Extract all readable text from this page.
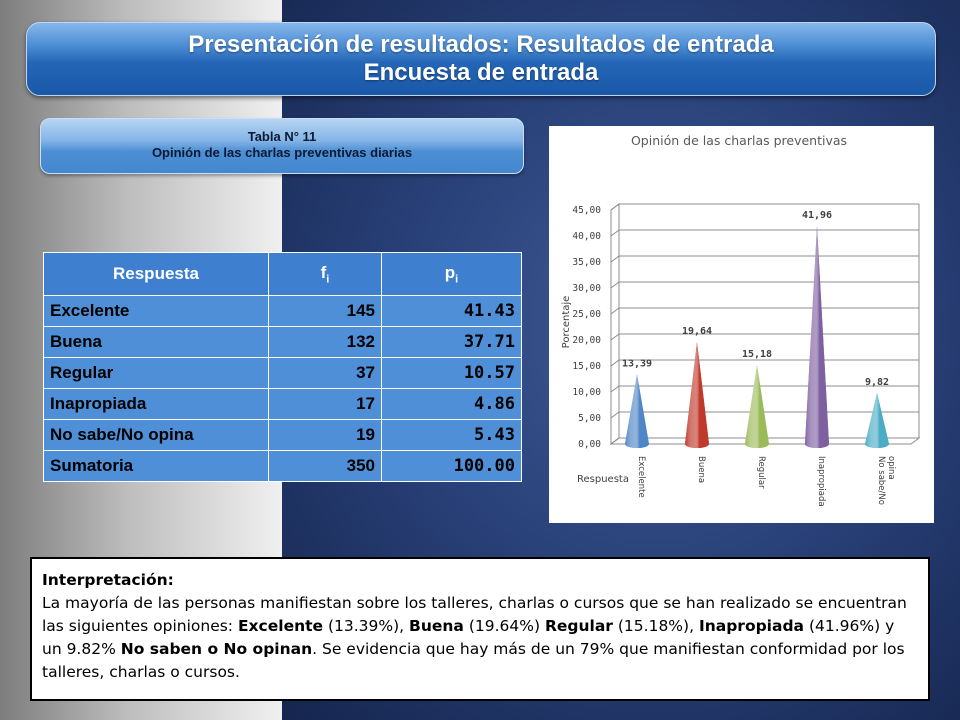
Presentación de resultados: Resultados de entrada
Encuesta de entrada
Tabla N° 11
Opinión de las charlas preventivas diarias
Respuesta	$f_i$	$p_i$
Excelente	145	41.43
Buena	132	37.71
Regular	37	10.57
Inapropiada	17	4.86
No sabe/No opina	19	5.43
Sumatoria	350	100.00
Opinión de las charlas preventivas
Porcentaje
Respuesta
0,00
5,00
10,00
15,00
20,00
25,00
30,00
35,00
40,00
45,00
13,39
19,64
15,18
41,96
9,82
Excelente	Buena	Regular	Inapropiada	No sabe/No opina
Interpretación:
La mayoría de las personas manifiestan sobre los talleres, charlas o cursos que se han realizado se encuentran las siguientes opiniones: Excelente (13.39%), Buena (19.64%) Regular (15.18%), Inapropiada (41.96%) y un 9.82% No saben o No opinan. Se evidencia que hay más de un 79% que manifiestan conformidad por los talleres, charlas o cursos.
